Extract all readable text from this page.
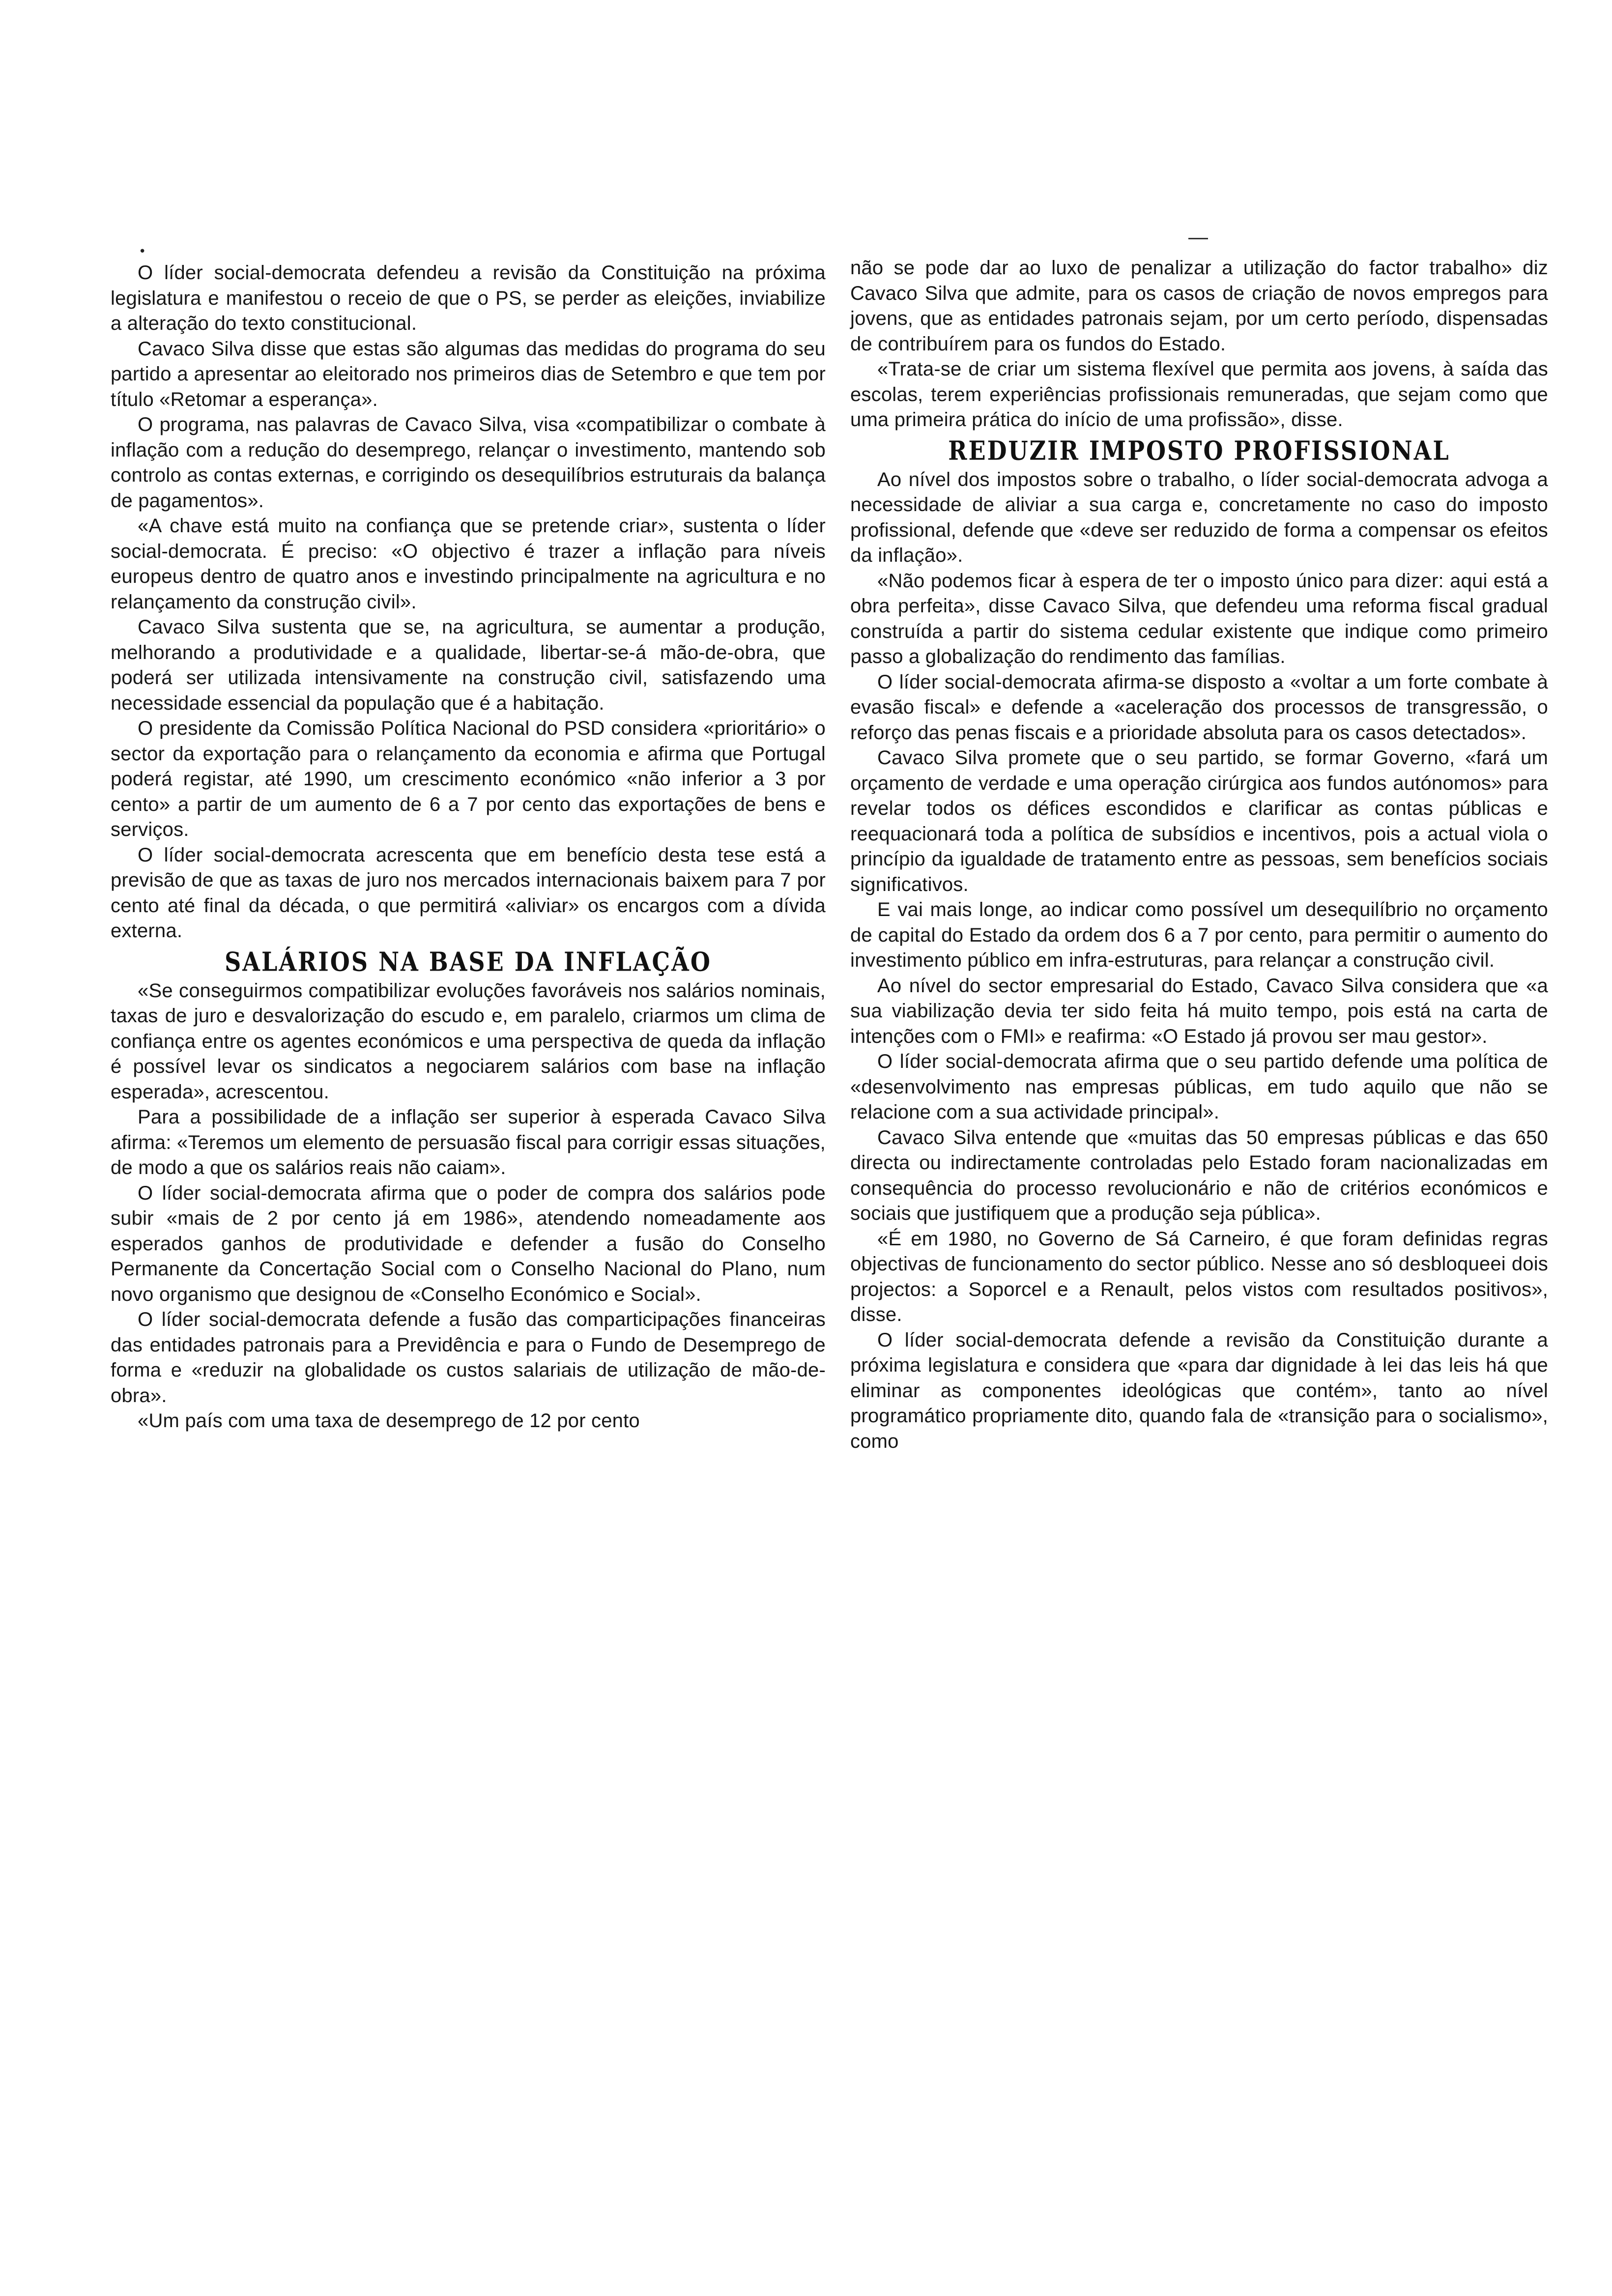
•

O líder social-democrata defendeu a revisão da Constituição na próxima legislatura e manifestou o receio de que o PS, se perder as eleições, inviabilize a alteração do texto constitucional.

Cavaco Silva disse que estas são algumas das medidas do programa do seu partido a apresentar ao eleitorado nos primeiros dias de Setembro e que tem por título «Retomar a esperança».

O programa, nas palavras de Cavaco Silva, visa «compatibilizar o combate à inflação com a redução do desemprego, relançar o investimento, mantendo sob controlo as contas externas, e corrigindo os desequilíbrios estruturais da balança de pagamentos».

«A chave está muito na confiança que se pretende criar», sustenta o líder social-democrata. É preciso: «O objectivo é trazer a inflação para níveis europeus dentro de quatro anos e investindo principalmente na agricultura e no relançamento da construção civil».

Cavaco Silva sustenta que se, na agricultura, se aumentar a produção, melhorando a produtividade e a qualidade, libertar-se-á mão-de-obra, que poderá ser utilizada intensivamente na construção civil, satisfazendo uma necessidade essencial da população que é a habitação.

O presidente da Comissão Política Nacional do PSD considera «prioritário» o sector da exportação para o relançamento da economia e afirma que Portugal poderá registar, até 1990, um crescimento económico «não inferior a 3 por cento» a partir de um aumento de 6 a 7 por cento das exportações de bens e serviços.

O líder social-democrata acrescenta que em benefício desta tese está a previsão de que as taxas de juro nos mercados internacionais baixem para 7 por cento até final da década, o que permitirá «aliviar» os encargos com a dívida externa.

SALÁRIOS NA BASE DA INFLAÇÃO

«Se conseguirmos compatibilizar evoluções favoráveis nos salários nominais, taxas de juro e desvalorização do escudo e, em paralelo, criarmos um clima de confiança entre os agentes económicos e uma perspectiva de queda da inflação é possível levar os sindicatos a negociarem salários com base na inflação esperada», acrescentou.

Para a possibilidade de a inflação ser superior à esperada Cavaco Silva afirma: «Teremos um elemento de persuasão fiscal para corrigir essas situações, de modo a que os salários reais não caiam».

O líder social-democrata afirma que o poder de compra dos salários pode subir «mais de 2 por cento já em 1986», atendendo nomeadamente aos esperados ganhos de produtividade e defender a fusão do Conselho Permanente da Concertação Social com o Conselho Nacional do Plano, num novo organismo que designou de «Conselho Económico e Social».

O líder social-democrata defende a fusão das comparticipações financeiras das entidades patronais para a Previdência e para o Fundo de Desemprego de forma e «reduzir na globalidade os custos salariais de utilização de mão-de-obra».

«Um país com uma taxa de desemprego de 12 por cento

não se pode dar ao luxo de penalizar a utilização do factor trabalho» diz Cavaco Silva que admite, para os casos de criação de novos empregos para jovens, que as entidades patronais sejam, por um certo período, dispensadas de contribuírem para os fundos do Estado.

«Trata-se de criar um sistema flexível que permita aos jovens, à saída das escolas, terem experiências profissionais remuneradas, que sejam como que uma primeira prática do início de uma profissão», disse.

REDUZIR IMPOSTO PROFISSIONAL

Ao nível dos impostos sobre o trabalho, o líder social-democrata advoga a necessidade de aliviar a sua carga e, concretamente no caso do imposto profissional, defende que «deve ser reduzido de forma a compensar os efeitos da inflação».

«Não podemos ficar à espera de ter o imposto único para dizer: aqui está a obra perfeita», disse Cavaco Silva, que defendeu uma reforma fiscal gradual construída a partir do sistema cedular existente que indique como primeiro passo a globalização do rendimento das famílias.

O líder social-democrata afirma-se disposto a «voltar a um forte combate à evasão fiscal» e defende a «aceleração dos processos de transgressão, o reforço das penas fiscais e a prioridade absoluta para os casos detectados».

Cavaco Silva promete que o seu partido, se formar Governo, «fará um orçamento de verdade e uma operação cirúrgica aos fundos autónomos» para revelar todos os défices escondidos e clarificar as contas públicas e reequacionará toda a política de subsídios e incentivos, pois a actual viola o princípio da igualdade de tratamento entre as pessoas, sem benefícios sociais significativos.

E vai mais longe, ao indicar como possível um desequilíbrio no orçamento de capital do Estado da ordem dos 6 a 7 por cento, para permitir o aumento do investimento público em infra-estruturas, para relançar a construção civil.

Ao nível do sector empresarial do Estado, Cavaco Silva considera que «a sua viabilização devia ter sido feita há muito tempo, pois está na carta de intenções com o FMI» e reafirma: «O Estado já provou ser mau gestor».

O líder social-democrata afirma que o seu partido defende uma política de «desenvolvimento nas empresas públicas, em tudo aquilo que não se relacione com a sua actividade principal».

Cavaco Silva entende que «muitas das 50 empresas públicas e das 650 directa ou indirectamente controladas pelo Estado foram nacionalizadas em consequência do processo revolucionário e não de critérios económicos e sociais que justifiquem que a produção seja pública».

«É em 1980, no Governo de Sá Carneiro, é que foram definidas regras objectivas de funcionamento do sector público. Nesse ano só desbloqueei dois projectos: a Soporcel e a Renault, pelos vistos com resultados positivos», disse.

O líder social-democrata defende a revisão da Constituição durante a próxima legislatura e considera que «para dar dignidade à lei das leis há que eliminar as componentes ideológicas que contém», tanto ao nível programático propriamente dito, quando fala de «transição para o socialismo», como
